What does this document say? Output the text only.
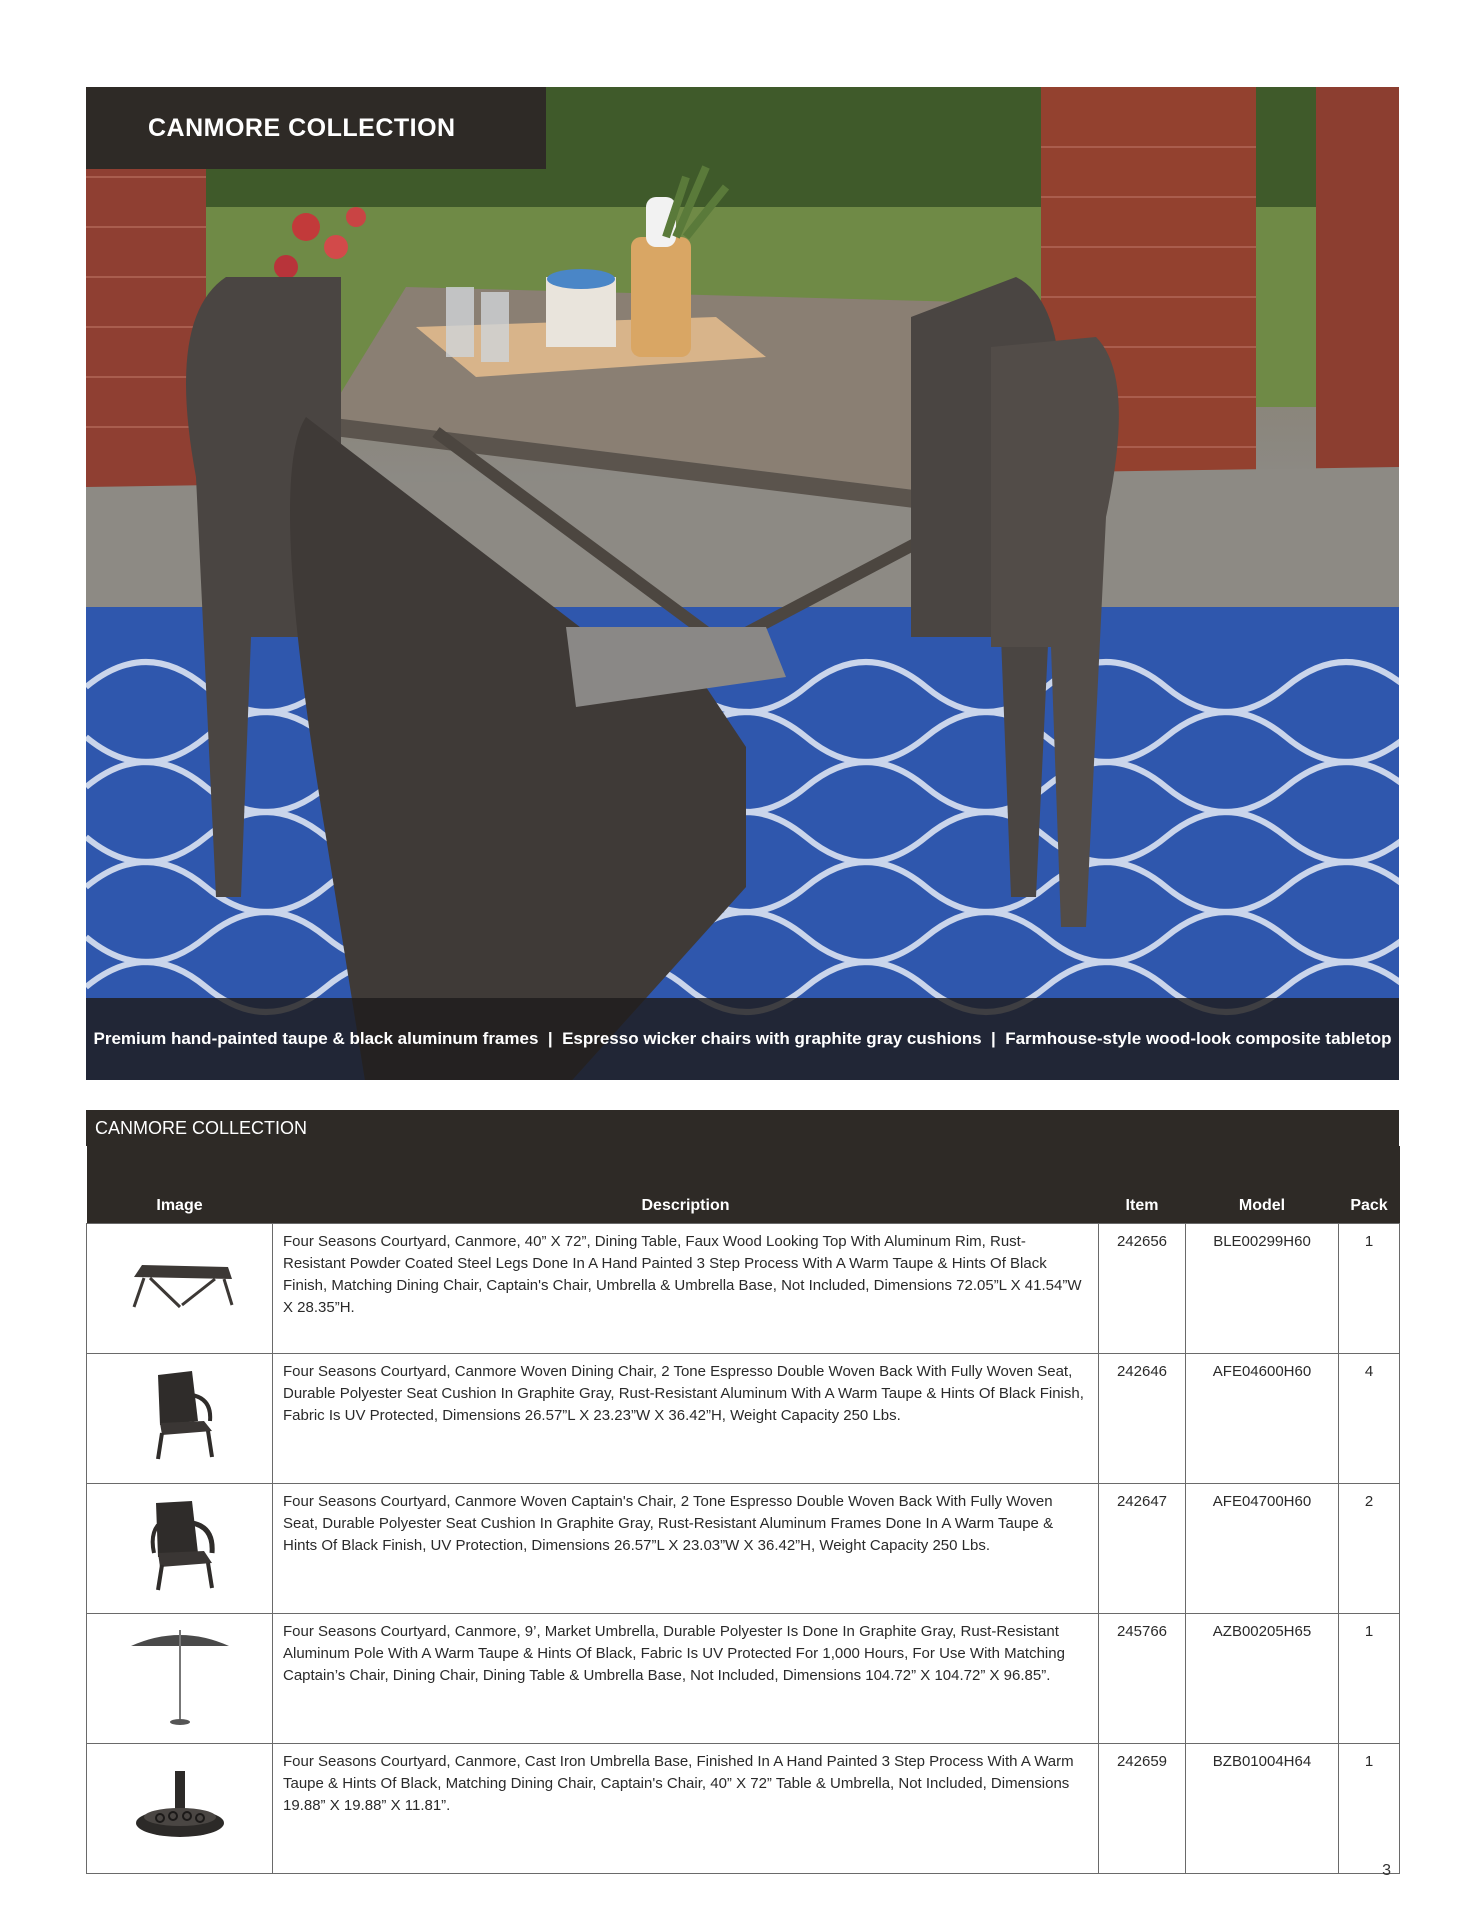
CANMORE COLLECTION
Premium hand-painted taupe & black aluminum frames  |  Espresso wicker chairs with graphite gray cushions  |  Farmhouse-style wood-look composite tabletop
CANMORE COLLECTION
Image	Description	Item	Model	Pack
	Four Seasons Courtyard, Canmore, 40” X 72”, Dining Table, Faux Wood Looking Top With Aluminum Rim, Rust-Resistant Powder Coated Steel Legs Done In A Hand Painted 3 Step Process With A Warm Taupe & Hints Of Black Finish, Matching Dining Chair, Captain's Chair, Umbrella & Umbrella Base, Not Included, Dimensions 72.05”L X 41.54”W X 28.35”H.	242656	BLE00299H60	1
	Four Seasons Courtyard, Canmore Woven Dining Chair, 2 Tone Espresso Double Woven Back With Fully Woven Seat, Durable Polyester Seat Cushion In Graphite Gray, Rust-Resistant Aluminum With A Warm Taupe & Hints Of Black Finish, Fabric Is UV Protected, Dimensions 26.57”L X 23.23”W X 36.42”H, Weight Capacity 250 Lbs.	242646	AFE04600H60	4
	Four Seasons Courtyard, Canmore Woven Captain's Chair, 2 Tone Espresso Double Woven Back With Fully Woven Seat, Durable Polyester Seat Cushion In Graphite Gray, Rust-Resistant Aluminum Frames Done In A Warm Taupe & Hints Of Black Finish, UV Protection, Dimensions 26.57”L X 23.03”W X 36.42”H, Weight Capacity 250 Lbs.	242647	AFE04700H60	2
	Four Seasons Courtyard, Canmore, 9’, Market Umbrella, Durable Polyester Is Done In Graphite Gray, Rust-Resistant Aluminum Pole With A Warm Taupe & Hints Of Black, Fabric Is UV Protected For 1,000 Hours, For Use With Matching Captain’s Chair, Dining Chair, Dining Table & Umbrella Base, Not Included, Dimensions 104.72” X 104.72” X 96.85”.	245766	AZB00205H65	1
	Four Seasons Courtyard, Canmore, Cast Iron Umbrella Base, Finished In A Hand Painted 3 Step Process With A Warm Taupe & Hints Of Black, Matching Dining Chair, Captain's Chair, 40” X 72” Table & Umbrella, Not Included, Dimensions 19.88” X 19.88” X 11.81”.	242659	BZB01004H64	1
3
